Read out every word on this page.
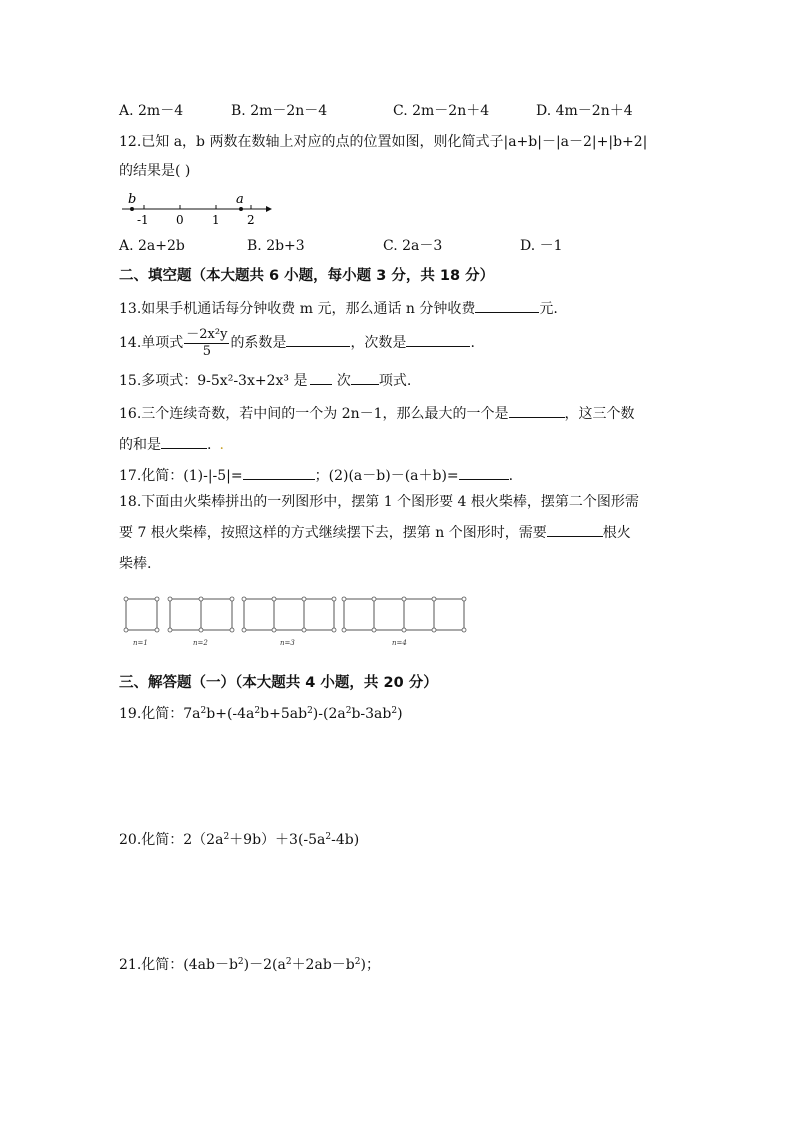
A. 2m－4	B. 2m－2n－4	C. 2m－2n＋4	D. 4m－2n＋4
12.已知 a，b 两数在数轴上对应的点的位置如图，则化简式子|a+b|－|a－2|+|b+2|
的结果是( )
b	a
-1 0 1 2
A. 2a+2b	B. 2b+3	C. 2a－3	D. －1
二、填空题（本大题共 6 小题，每小题 3 分，共 18 分）
13.如果手机通话每分钟收费 m 元，那么通话 n 分钟收费	元.
14.单项式 $\frac{\text{－2x²y}}{5}$ 的系数是	，次数是	.
15.多项式：9-5x²-3x+2x³ 是 次 项式.
16.三个连续奇数，若中间的一个为 2n－1，那么最大的一个是	，这三个数
的和是	. .
17.化简：(1)-|-5|=	；(2)(a－b)－(a＋b)=	.
18.下面由火柴棒拼出的一列图形中，摆第 1 个图形要 4 根火柴棒，摆第二个图形需
要 7 根火柴棒，按照这样的方式继续摆下去，摆第 n 个图形时，需要	根火
柴棒.
n=1	n=2	n=3	n=4
三、解答题（一）（本大题共 4 小题，共 20 分）
19.化简：$7a^2b+(-4a^2b+5ab^2)-(2a^2b-3ab^2)$
20.化简：$2(2a^2+9b)+3(-5a^2-4b)$
21.化简：$(4ab-b^2)-2(a^2+2ab-b^2)$；
